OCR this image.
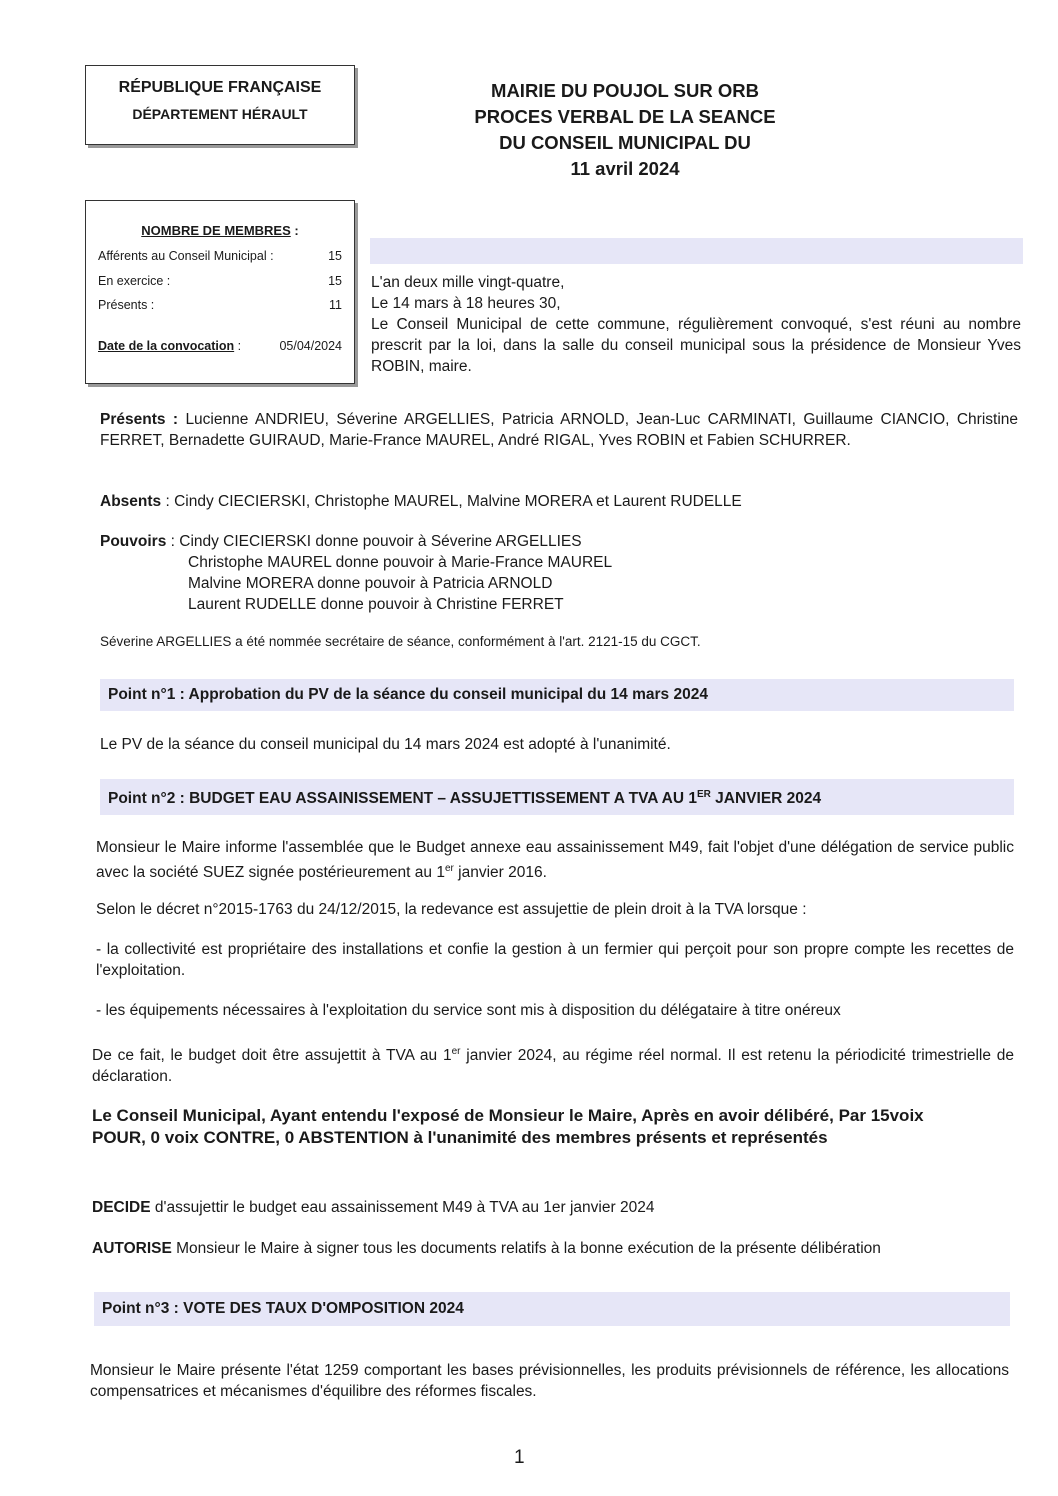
RÉPUBLIQUE FRANÇAISE
DÉPARTEMENT HÉRAULT
MAIRIE DU POUJOL SUR ORB
PROCES VERBAL DE LA SEANCE
DU CONSEIL MUNICIPAL DU
11 avril 2024
NOMBRE DE MEMBRES :
Afférents au Conseil Municipal :	15
En exercice :	15
Présents :	11
Date de la convocation :	05/04/2024
L'an deux mille vingt-quatre,
Le 14 mars à 18 heures 30,
Le Conseil Municipal de cette commune, régulièrement convoqué, s'est réuni au nombre prescrit par la loi, dans la salle du conseil municipal sous la présidence de Monsieur Yves ROBIN, maire.
Présents : Lucienne ANDRIEU, Séverine ARGELLIES, Patricia ARNOLD, Jean-Luc CARMINATI, Guillaume CIANCIO, Christine FERRET, Bernadette GUIRAUD, Marie-France MAUREL, André RIGAL, Yves ROBIN et Fabien SCHURRER.
Absents : Cindy CIECIERSKI, Christophe MAUREL, Malvine MORERA et Laurent RUDELLE
Pouvoirs : Cindy CIECIERSKI donne pouvoir à Séverine ARGELLIES
Christophe MAUREL donne pouvoir à Marie-France MAUREL
Malvine MORERA donne pouvoir à Patricia ARNOLD
Laurent RUDELLE donne pouvoir à Christine FERRET
Séverine ARGELLIES a été nommée secrétaire de séance, conformément à l'art. 2121-15 du CGCT.
Point n°1 : Approbation du PV de la séance du conseil municipal du 14 mars 2024
Le PV de la séance du conseil municipal du 14 mars 2024 est adopté à l'unanimité.
Point n°2 : BUDGET EAU ASSAINISSEMENT – ASSUJETTISSEMENT A TVA AU 1ER JANVIER 2024
Monsieur le Maire informe l'assemblée que le Budget annexe eau assainissement M49, fait l'objet d'une délégation de service public avec la société SUEZ signée postérieurement au 1er janvier 2016.
Selon le décret n°2015-1763 du 24/12/2015, la redevance est assujettie de plein droit à la TVA lorsque :
- la collectivité est propriétaire des installations et confie la gestion à un fermier qui perçoit pour son propre compte les recettes de l'exploitation.
- les équipements nécessaires à l'exploitation du service sont mis à disposition du délégataire à titre onéreux
De ce fait, le budget doit être assujettit à TVA au 1er janvier 2024, au régime réel normal. Il est retenu la périodicité trimestrielle de déclaration.
Le Conseil Municipal, Ayant entendu l'exposé de Monsieur le Maire, Après en avoir délibéré, Par 15voix POUR, 0 voix CONTRE, 0 ABSTENTION à l'unanimité des membres présents et représentés
DECIDE d'assujettir le budget eau assainissement M49 à TVA au 1er janvier 2024
AUTORISE Monsieur le Maire à signer tous les documents relatifs à la bonne exécution de la présente délibération
Point n°3 : VOTE DES TAUX D'OMPOSITION 2024
Monsieur le Maire présente l'état 1259 comportant les bases prévisionnelles, les produits prévisionnels de référence, les allocations compensatrices et mécanismes d'équilibre des réformes fiscales.
1
